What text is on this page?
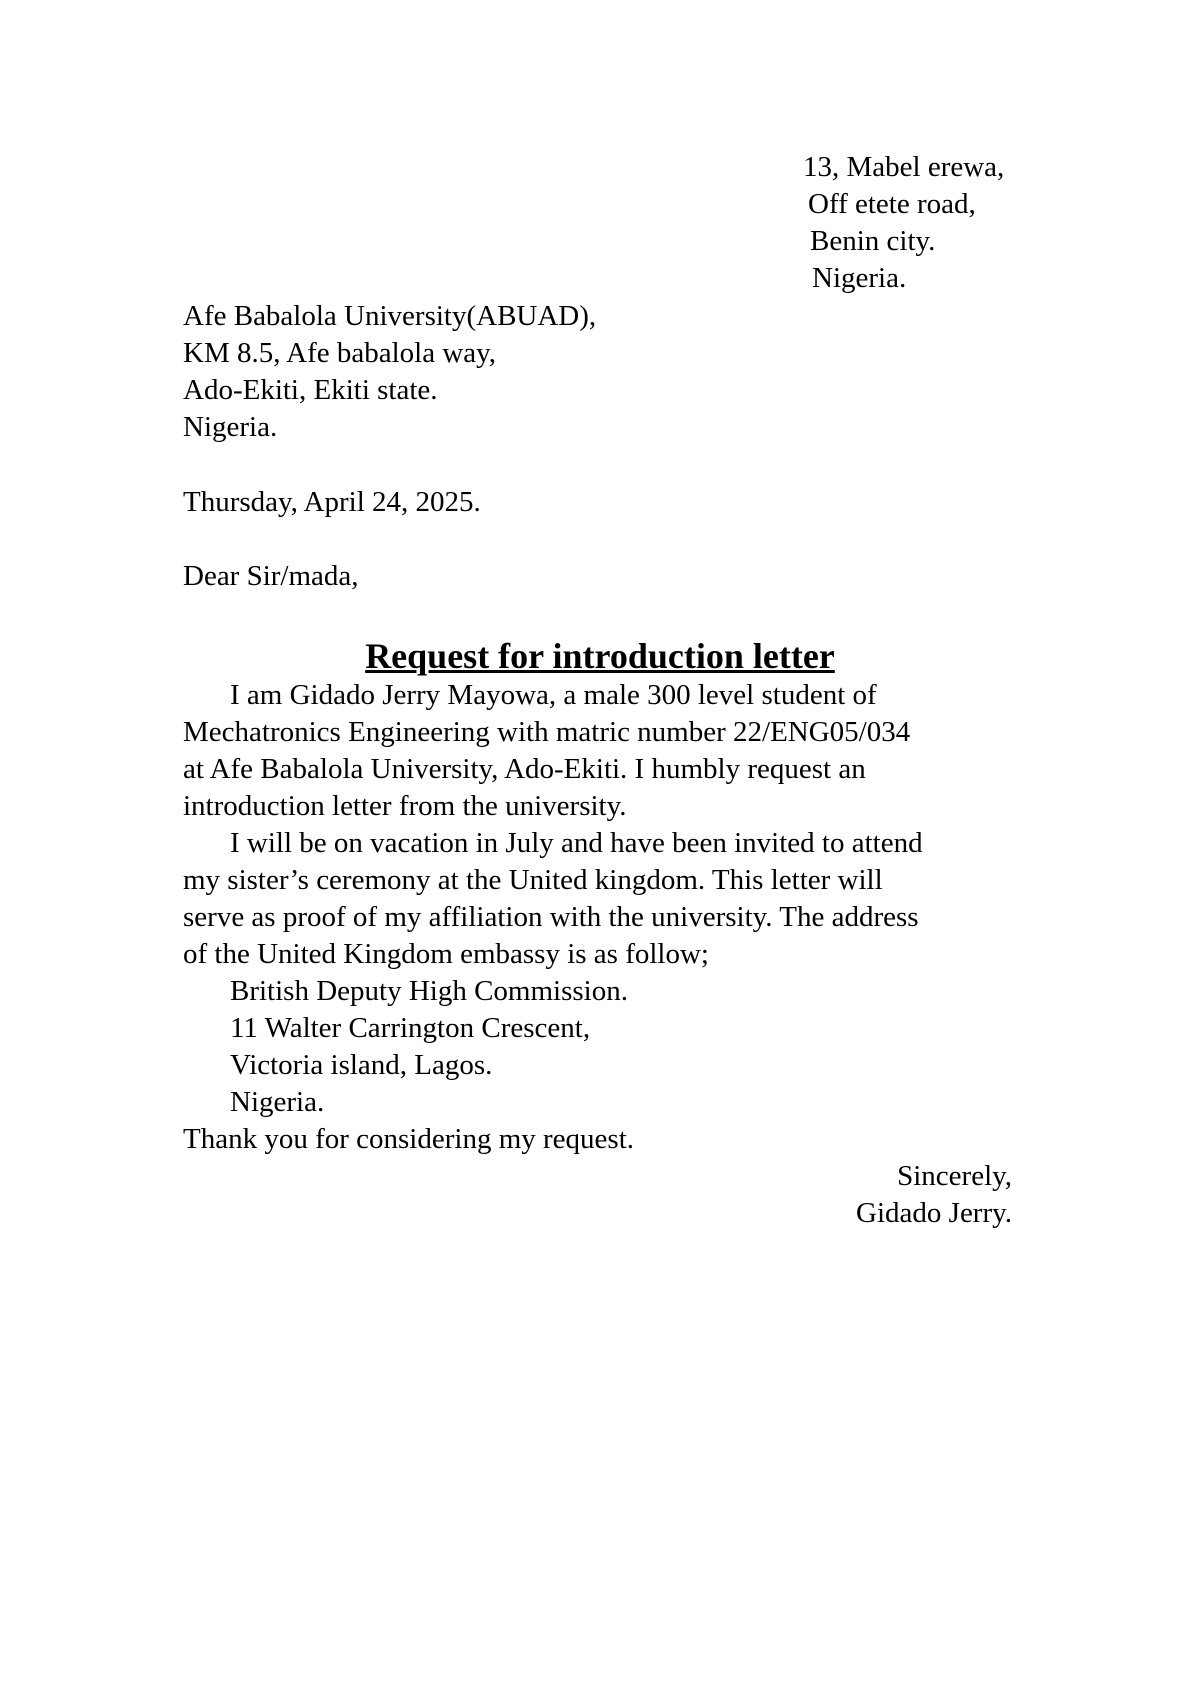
13, Mabel erewa,
Off etete road,
Benin city.
Nigeria.
Afe Babalola University(ABUAD),
KM 8.5, Afe babalola way,
Ado-Ekiti, Ekiti state.
Nigeria.
Thursday, April 24, 2025.
Dear Sir/mada,
Request for introduction letter
I am Gidado Jerry Mayowa, a male 300 level student of
Mechatronics Engineering with matric number 22/ENG05/034
at Afe Babalola University, Ado-Ekiti. I humbly request an
introduction letter from the university.
I will be on vacation in July and have been invited to attend
my sister’s ceremony at the United kingdom. This letter will
serve as proof of my affiliation with the university. The address
of the United Kingdom embassy is as follow;
British Deputy High Commission.
11 Walter Carrington Crescent,
Victoria island, Lagos.
Nigeria.
Thank you for considering my request.
Sincerely,
Gidado Jerry.
